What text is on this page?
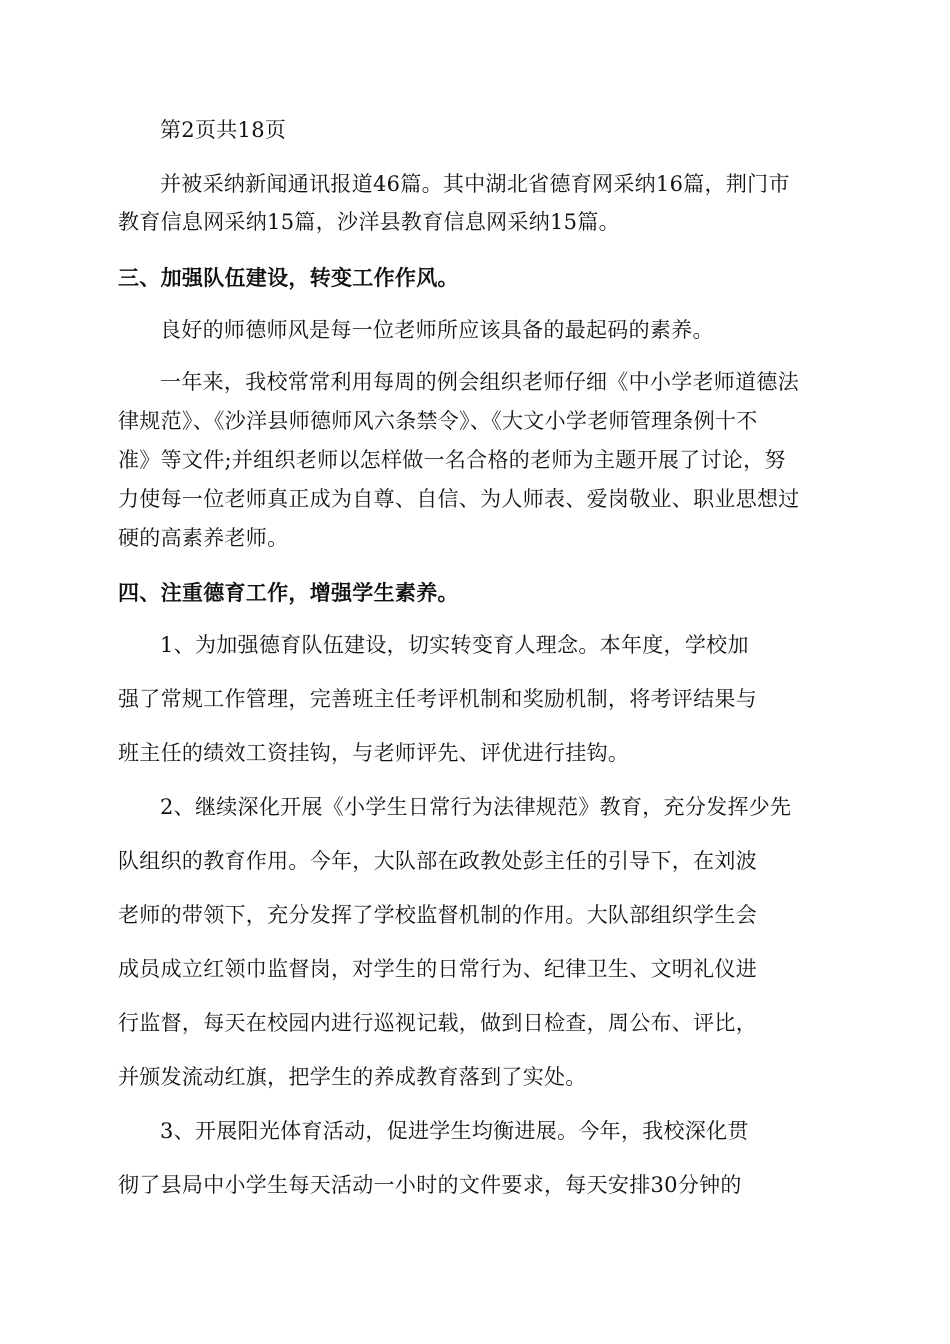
第2页共18页
并被采纳新闻通讯报道46篇。其中湖北省德育网采纳16篇，荆门市
教育信息网采纳15篇，沙洋县教育信息网采纳15篇。
三、加强队伍建设，转变工作作风。
良好的师德师风是每一位老师所应该具备的最起码的素养。
一年来，我校常常利用每周的例会组织老师仔细《中小学老师道德法
律规范》、《沙洋县师德师风六条禁令》、《大文小学老师管理条例十不
准》等文件;并组织老师以怎样做一名合格的老师为主题开展了讨论，努
力使每一位老师真正成为自尊、自信、为人师表、爱岗敬业、职业思想过
硬的高素养老师。
四、注重德育工作，增强学生素养。
1、为加强德育队伍建设，切实转变育人理念。本年度，学校加
强了常规工作管理，完善班主任考评机制和奖励机制，将考评结果与
班主任的绩效工资挂钩，与老师评先、评优进行挂钩。
2、继续深化开展《小学生日常行为法律规范》教育，充分发挥少先
队组织的教育作用。今年，大队部在政教处彭主任的引导下，在刘波
老师的带领下，充分发挥了学校监督机制的作用。大队部组织学生会
成员成立红领巾监督岗，对学生的日常行为、纪律卫生、文明礼仪进
行监督，每天在校园内进行巡视记载，做到日检查，周公布、评比，
并颁发流动红旗，把学生的养成教育落到了实处。
3、开展阳光体育活动，促进学生均衡进展。今年，我校深化贯
彻了县局中小学生每天活动一小时的文件要求，每天安排30分钟的
